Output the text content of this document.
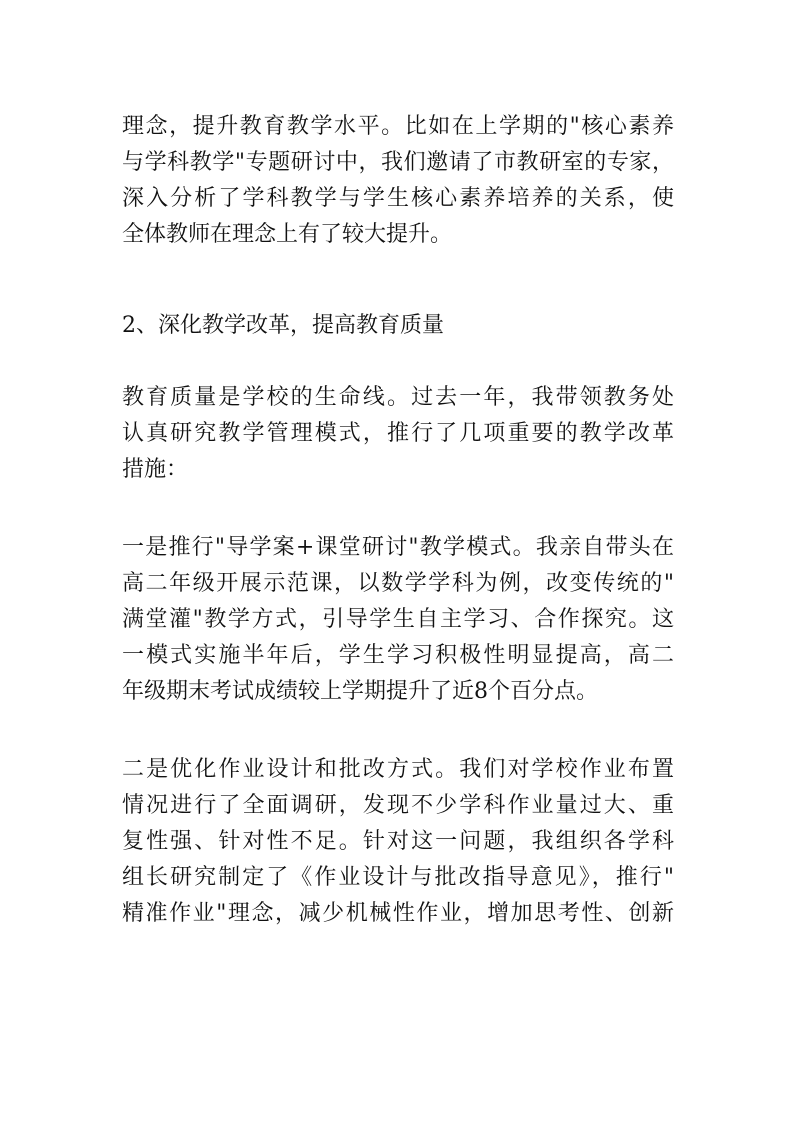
理念，提升教育教学水平。比如在上学期的"核心素养
与学科教学"专题研讨中，我们邀请了市教研室的专家，
深入分析了学科教学与学生核心素养培养的关系，使
全体教师在理念上有了较大提升。
2、深化教学改革，提高教育质量
教育质量是学校的生命线。过去一年，我带领教务处
认真研究教学管理模式，推行了几项重要的教学改革
措施：
一是推行"导学案+课堂研讨"教学模式。我亲自带头在
高二年级开展示范课，以数学学科为例，改变传统的"
满堂灌"教学方式，引导学生自主学习、合作探究。这
一模式实施半年后，学生学习积极性明显提高，高二
年级期末考试成绩较上学期提升了近8个百分点。
二是优化作业设计和批改方式。我们对学校作业布置
情况进行了全面调研，发现不少学科作业量过大、重
复性强、针对性不足。针对这一问题，我组织各学科
组长研究制定了《作业设计与批改指导意见》，推行"
精准作业"理念，减少机械性作业，增加思考性、创新
